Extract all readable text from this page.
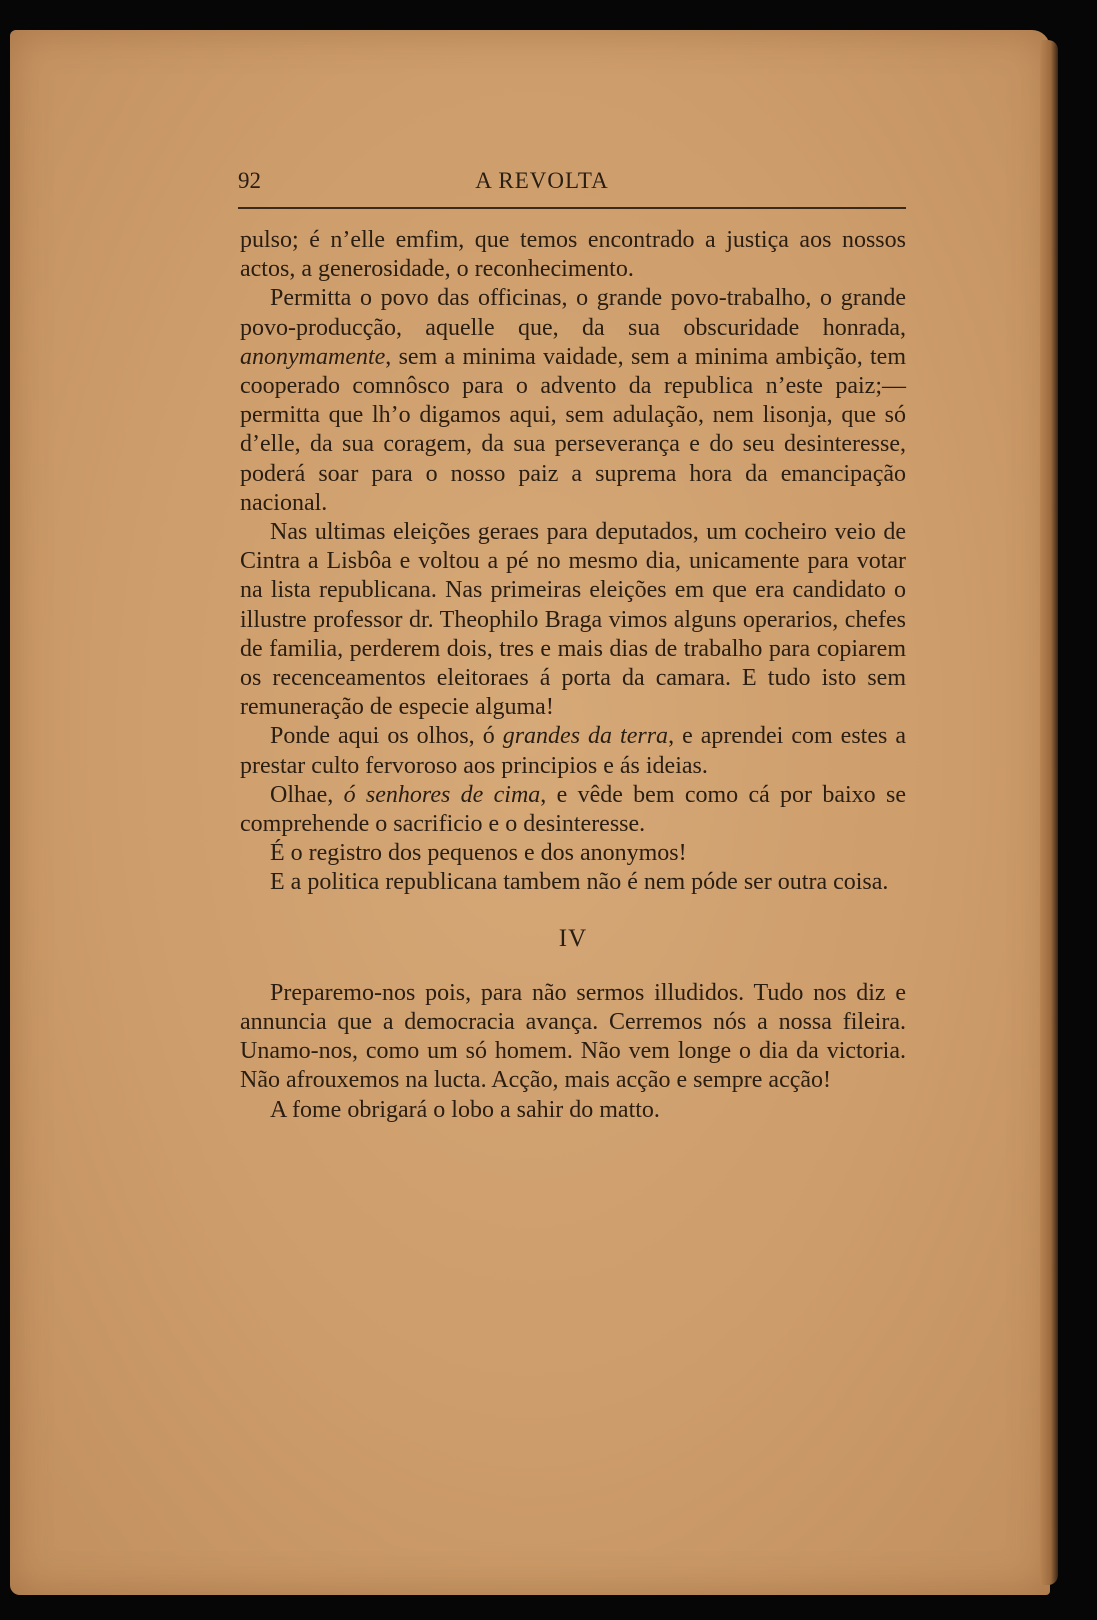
92	A REVOLTA

pulso; é n’elle emfim, que temos encontrado a justiça aos nossos actos, a generosidade, o reconhecimento.

Permitta o povo das officinas, o grande povo-trabalho, o grande povo-producção, aquelle que, da sua obscuridade honrada, anonymamente, sem a minima vaidade, sem a minima ambição, tem cooperado comnôsco para o advento da republica n’este paiz;—permitta que lh’o digamos aqui, sem adulação, nem lisonja, que só d’elle, da sua coragem, da sua perseverança e do seu desinteresse, poderá soar para o nosso paiz a suprema hora da emancipação nacional.

Nas ultimas eleições geraes para deputados, um cocheiro veio de Cintra a Lisbôa e voltou a pé no mesmo dia, unicamente para votar na lista republicana. Nas primeiras eleições em que era candidato o illustre professor dr. Theophilo Braga vimos alguns operarios, chefes de familia, perderem dois, tres e mais dias de trabalho para copiarem os recenceamentos eleitoraes á porta da camara. E tudo isto sem remuneração de especie alguma!

Ponde aqui os olhos, ó grandes da terra, e aprendei com estes a prestar culto fervoroso aos principios e ás ideias.

Olhae, ó senhores de cima, e vêde bem como cá por baixo se comprehende o sacrificio e o desinteresse.

É o registro dos pequenos e dos anonymos!

E a politica republicana tambem não é nem póde ser outra coisa.

IV

Preparemo-nos pois, para não sermos illudidos. Tudo nos diz e annuncia que a democracia avança. Cerremos nós a nossa fileira. Unamo-nos, como um só homem. Não vem longe o dia da victoria. Não afrouxemos na lucta. Acção, mais acção e sempre acção!

A fome obrigará o lobo a sahir do matto.
